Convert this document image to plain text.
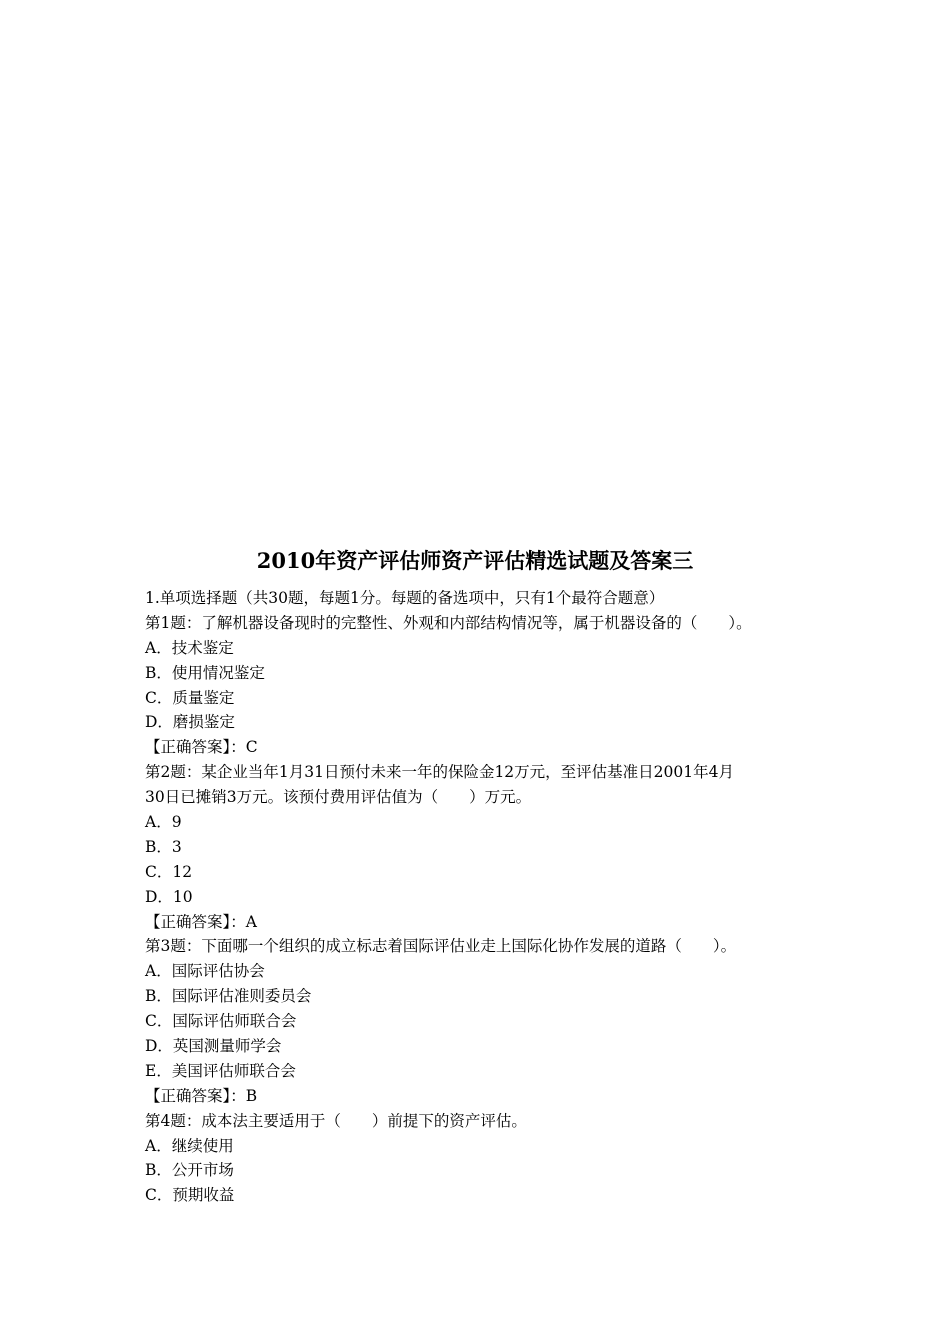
2010年资产评估师资产评估精选试题及答案三
1.单项选择题（共30题，每题1分。每题的备选项中，只有1个最符合题意）
第1题：了解机器设备现时的完整性、外观和内部结构情况等，属于机器设备的（　　）。
A．技术鉴定
B．使用情况鉴定
C．质量鉴定
D．磨损鉴定
【正确答案】：C
第2题：某企业当年1月31日预付未来一年的保险金12万元，至评估基准日2001年4月
30日已摊销3万元。该预付费用评估值为（　　）万元。
A．9
B．3
C．12
D．10
【正确答案】：A
第3题：下面哪一个组织的成立标志着国际评估业走上国际化协作发展的道路（　　）。
A．国际评估协会
B．国际评估准则委员会
C．国际评估师联合会
D．英国测量师学会
E．美国评估师联合会
【正确答案】：B
第4题：成本法主要适用于（　　）前提下的资产评估。
A．继续使用
B．公开市场
C．预期收益
